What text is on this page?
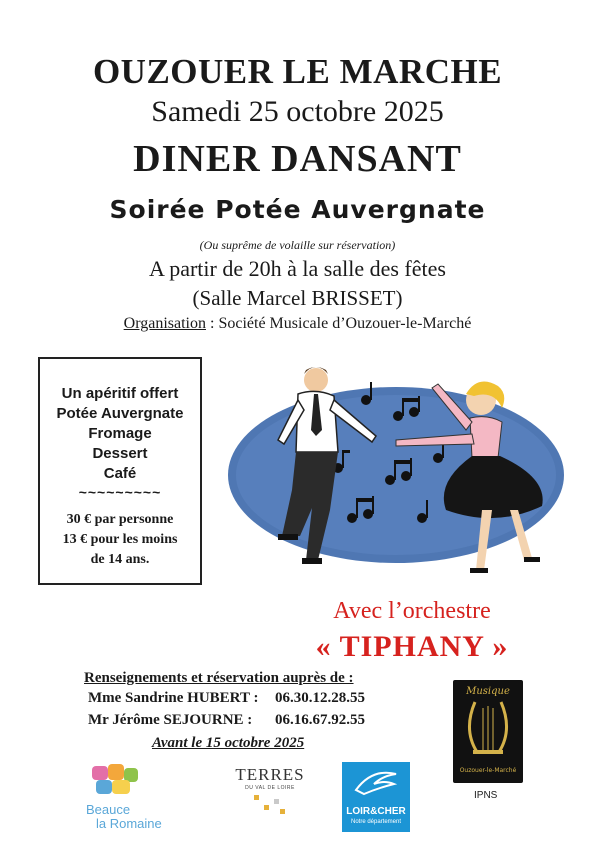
OUZOUER LE MARCHE
Samedi 25 octobre 2025
DINER DANSANT
Soirée Potée Auvergnate
(Ou suprême de volaille sur réservation)
A partir de 20h à la salle des fêtes
(Salle Marcel BRISSET)
Organisation : Société Musicale d’Ouzouer-le-Marché
Un apéritif offert
Potée Auvergnate
Fromage
Dessert
Café
~~~~~~~~~
30 € par personne
13 € pour les moins
de 14 ans.
Avec l’orchestre
« TIPHANY »
Renseignements et réservation auprès de :
Mme Sandrine HUBERT : 06.30.12.28.55
Mr Jérôme SEJOURNE : 06.16.67.92.55
Avant le 15 octobre 2025
Musique
Ouzouer-le-Marché
IPNS
Beauce
la Romaine
TERRES
DU VAL DE LOIRE
LOIR&CHER
Notre département
